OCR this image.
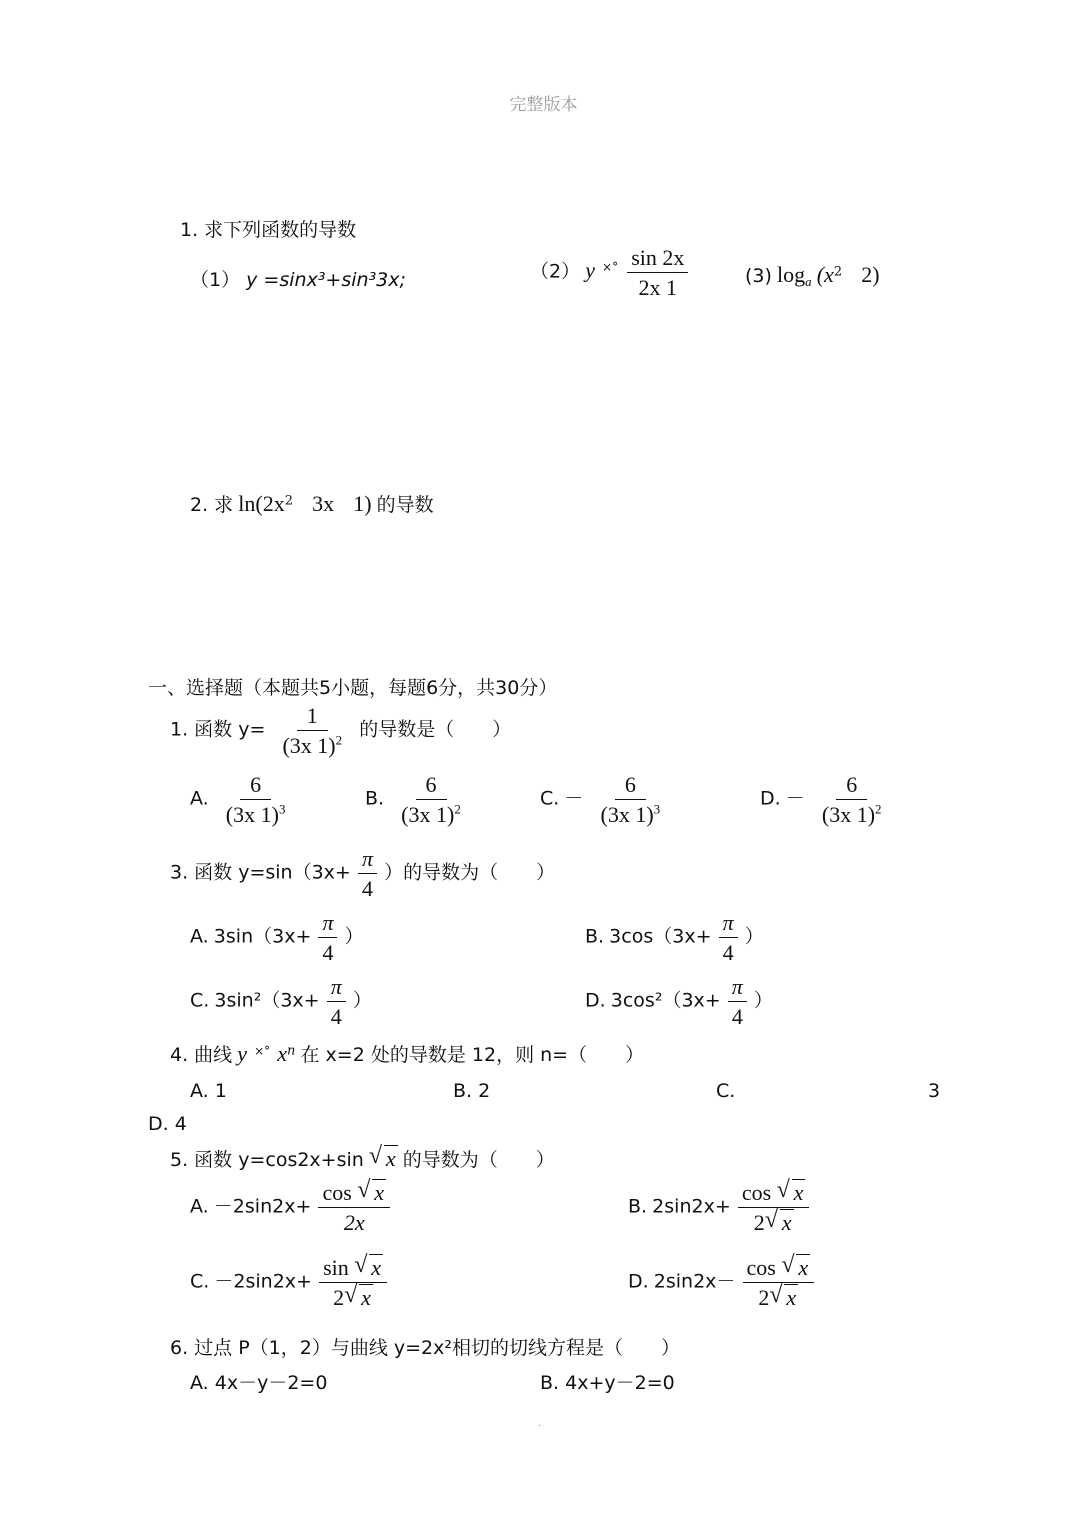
完整版本
1. 求下列函数的导数
（1） y =sinx³+sin³3x;	（2） y $^{\times^\circ} \frac{\sin 2x}{2x 1}$	(3) $\log_a (x^2$ 2)
2. 求 $\ln(2x^2$ 3x 1) 的导数
一、选择题（本题共5小题，每题6分，共30分）
1. 函数 $y= \frac{1}{(3x 1)^2}$ 的导数是（　　）
A. $\frac{6}{(3x 1)^3}$	B. $\frac{6}{(3x 1)^2}$	C. － $\frac{6}{(3x 1)^3}$	D. － $\frac{6}{(3x 1)^2}$
3. 函数 $y=\sin(3x+ \frac{\pi}{4}$ ）的导数为（　　）
A. $3\sin(3x+ \frac{\pi}{4}$ ）	B. $3\cos(3x+ \frac{\pi}{4}$ ）
C. $3\sin^2(3x+ \frac{\pi}{4}$ ）	D. $3\cos^2(3x+ \frac{\pi}{4}$ ）
4. 曲线 y ×° $x^n$ 在 x=2 处的导数是 12，则 n=（　　）
A. 1	B. 2	C.	3
D. 4
5. 函数 y=cos2x+sin √ x 的导数为（　　）
A. $-2\sin 2x+ \frac{\cos √ x}{2x}$	B. $2\sin 2x+ \frac{\cos √ x}{2 √ x}$
C. $-2\sin 2x+ \frac{\sin √ x}{2 √ x}$	D. $2\sin 2x- \frac{\cos √ x}{2 √ x}$
6. 过点 P（1，2）与曲线 y=2x²相切的切线方程是（　　）
A. 4x－y－2=0	B. 4x+y－2=0
.
